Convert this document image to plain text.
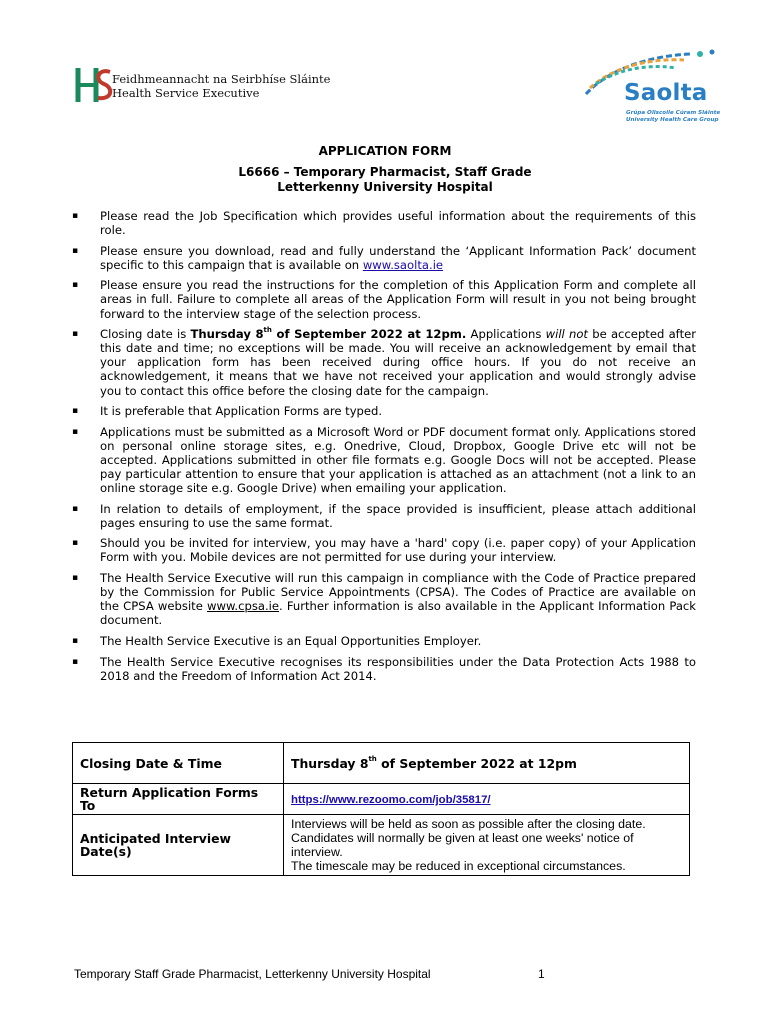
Feidhmeannacht na Seirbhíse Sláinte
Health Service Executive	Saolta
Grúpa Ollscoile Cúram Sláinte
University Health Care Group
APPLICATION FORM
L6666 – Temporary Pharmacist, Staff Grade
Letterkenny University Hospital
▪ Please read the Job Specification which provides useful information about the requirements of this role.
▪ Please ensure you download, read and fully understand the ‘Applicant Information Pack’ document specific to this campaign that is available on www.saolta.ie
▪ Please ensure you read the instructions for the completion of this Application Form and complete all areas in full. Failure to complete all areas of the Application Form will result in you not being brought forward to the interview stage of the selection process.
▪ Closing date is Thursday 8th of September 2022 at 12pm. Applications will not be accepted after this date and time; no exceptions will be made. You will receive an acknowledgement by email that your application form has been received during office hours. If you do not receive an acknowledgement, it means that we have not received your application and would strongly advise you to contact this office before the closing date for the campaign.
▪ It is preferable that Application Forms are typed.
▪ Applications must be submitted as a Microsoft Word or PDF document format only. Applications stored on personal online storage sites, e.g. Onedrive, Cloud, Dropbox, Google Drive etc will not be accepted. Applications submitted in other file formats e.g. Google Docs will not be accepted. Please pay particular attention to ensure that your application is attached as an attachment (not a link to an online storage site e.g. Google Drive) when emailing your application.
▪ In relation to details of employment, if the space provided is insufficient, please attach additional pages ensuring to use the same format.
▪ Should you be invited for interview, you may have a 'hard' copy (i.e. paper copy) of your Application Form with you. Mobile devices are not permitted for use during your interview.
▪ The Health Service Executive will run this campaign in compliance with the Code of Practice prepared by the Commission for Public Service Appointments (CPSA). The Codes of Practice are available on the CPSA website www.cpsa.ie. Further information is also available in the Applicant Information Pack document.
▪ The Health Service Executive is an Equal Opportunities Employer.
▪ The Health Service Executive recognises its responsibilities under the Data Protection Acts 1988 to 2018 and the Freedom of Information Act 2014.
Closing Date & Time	Thursday 8th of September 2022 at 12pm
Return Application Forms To	https://www.rezoomo.com/job/35817/
Anticipated Interview Date(s)	Interviews will be held as soon as possible after the closing date.
Candidates will normally be given at least one weeks' notice of interview.
The timescale may be reduced in exceptional circumstances.
Temporary Staff Grade Pharmacist, Letterkenny University Hospital	1
